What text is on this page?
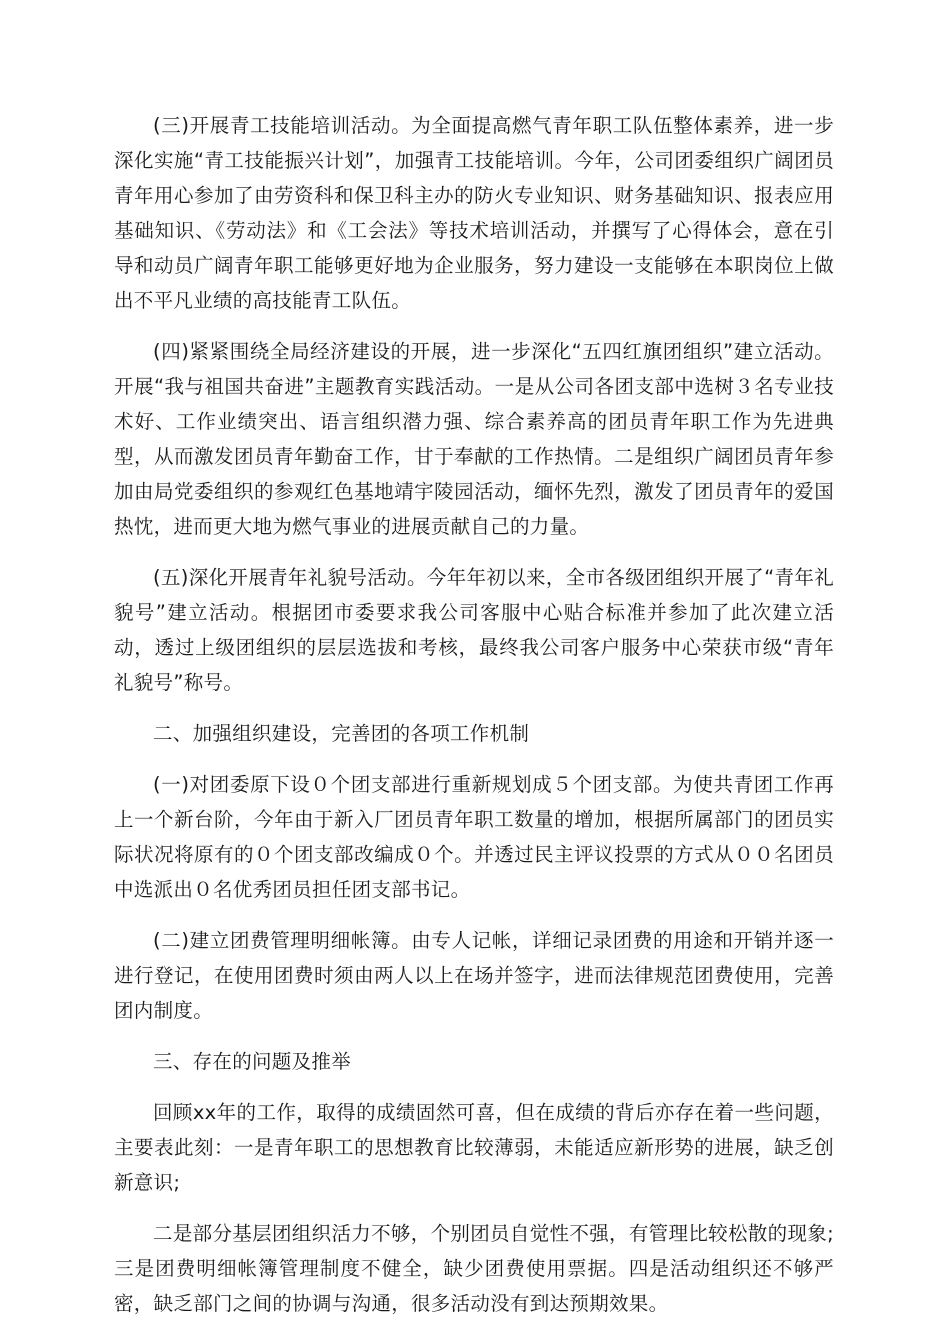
(三)开展青工技能培训活动。为全面提高燃气青年职工队伍整体素养，进一步深化实施“青工技能振兴计划”，加强青工技能培训。今年，公司团委组织广阔团员青年用心参加了由劳资科和保卫科主办的防火专业知识、财务基础知识、报表应用基础知识、《劳动法》和《工会法》等技术培训活动，并撰写了心得体会，意在引导和动员广阔青年职工能够更好地为企业服务，努力建设一支能够在本职岗位上做出不平凡业绩的高技能青工队伍。

(四)紧紧围绕全局经济建设的开展，进一步深化“五四红旗团组织”建立活动。开展“我与祖国共奋进”主题教育实践活动。一是从公司各团支部中选树３名专业技术好、工作业绩突出、语言组织潜力强、综合素养高的团员青年职工作为先进典型，从而激发团员青年勤奋工作，甘于奉献的工作热情。二是组织广阔团员青年参加由局党委组织的参观红色基地靖宇陵园活动，缅怀先烈，激发了团员青年的爱国热忱，进而更大地为燃气事业的进展贡献自己的力量。

(五)深化开展青年礼貌号活动。今年年初以来，全市各级团组织开展了“青年礼貌号”建立活动。根据团市委要求我公司客服中心贴合标准并参加了此次建立活动，透过上级团组织的层层选拔和考核，最终我公司客户服务中心荣获市级“青年礼貌号”称号。

二、加强组织建设，完善团的各项工作机制

(一)对团委原下设０个团支部进行重新规划成５个团支部。为使共青团工作再上一个新台阶，今年由于新入厂团员青年职工数量的增加，根据所属部门的团员实际状况将原有的０个团支部改编成０个。并透过民主评议投票的方式从００名团员中选派出０名优秀团员担任团支部书记。

(二)建立团费管理明细帐簿。由专人记帐，详细记录团费的用途和开销并逐一进行登记，在使用团费时须由两人以上在场并签字，进而法律规范团费使用，完善团内制度。

三、存在的问题及推举

回顾xx年的工作，取得的成绩固然可喜，但在成绩的背后亦存在着一些问题，主要表此刻：一是青年职工的思想教育比较薄弱，未能适应新形势的进展，缺乏创新意识;

二是部分基层团组织活力不够，个别团员自觉性不强，有管理比较松散的现象;三是团费明细帐簿管理制度不健全，缺少团费使用票据。四是活动组织还不够严密，缺乏部门之间的协调与沟通，很多活动没有到达预期效果。
